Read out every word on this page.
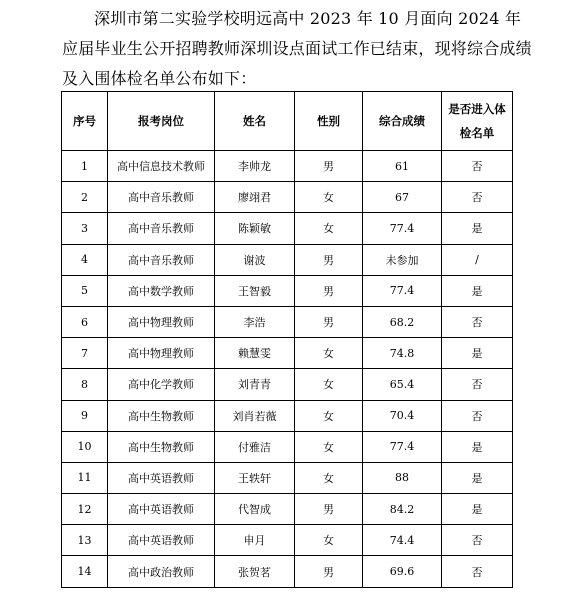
深圳市第二实验学校明远高中 2023 年 10 月面向 2024 年应届毕业生公开招聘教师深圳设点面试工作已结束，现将综合成绩及入围体检名单公布如下：

序号	报考岗位	姓名	性别	综合成绩	是否进入体检名单
1	高中信息技术教师	李帅龙	男	61	否
2	高中音乐教师	廖翊君	女	67	否
3	高中音乐教师	陈颖敏	女	77.4	是
4	高中音乐教师	谢波	男	未参加	/
5	高中数学教师	王智毅	男	77.4	是
6	高中物理教师	李浩	男	68.2	否
7	高中物理教师	赖慧雯	女	74.8	是
8	高中化学教师	刘青青	女	65.4	否
9	高中生物教师	刘肖若薇	女	70.4	否
10	高中生物教师	付雅洁	女	77.4	是
11	高中英语教师	王轶轩	女	88	是
12	高中英语教师	代智成	男	84.2	是
13	高中英语教师	申月	女	74.4	否
14	高中政治教师	张贺茗	男	69.6	否
